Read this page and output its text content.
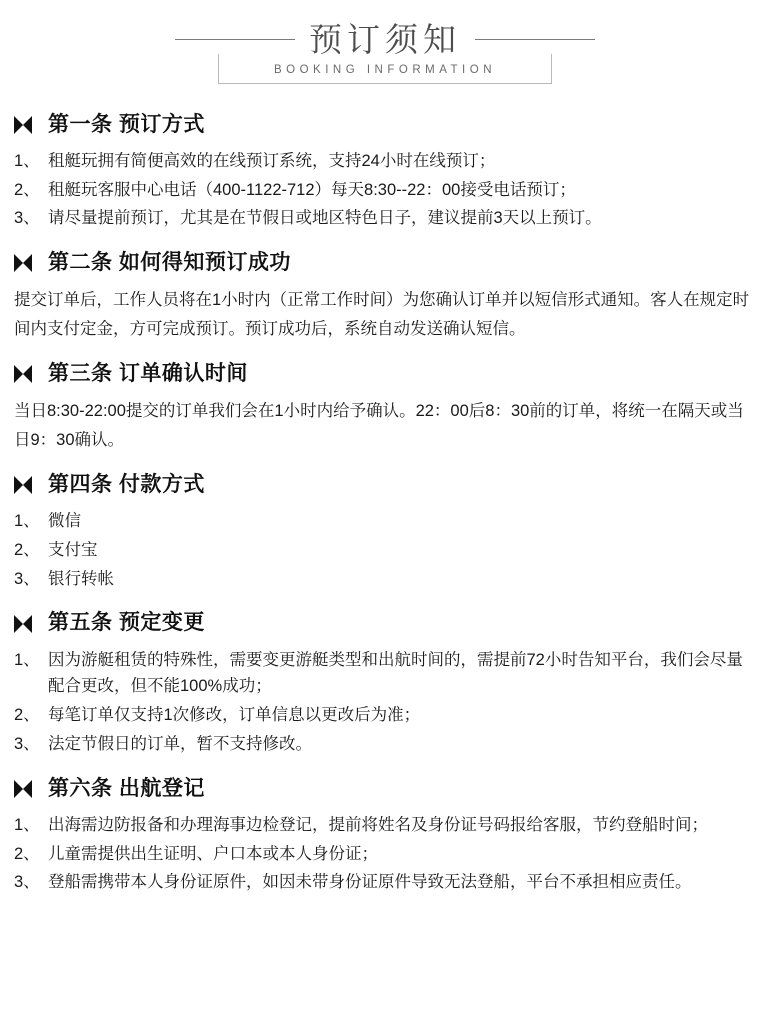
预订须知
BOOKING INFORMATION
第一条 预订方式
1、 租艇玩拥有简便高效的在线预订系统，支持24小时在线预订；
2、 租艇玩客服中心电话（400-1122-712）每天8:30--22：00接受电话预订；
3、 请尽量提前预订，尤其是在节假日或地区特色日子，建议提前3天以上预订。
第二条 如何得知预订成功
提交订单后，工作人员将在1小时内（正常工作时间）为您确认订单并以短信形式通知。客人在规定时间内支付定金，方可完成预订。预订成功后，系统自动发送确认短信。
第三条 订单确认时间
当日8:30-22:00提交的订单我们会在1小时内给予确认。22：00后8：30前的订单，将统一在隔天或当日9：30确认。
第四条 付款方式
1、 微信
2、 支付宝
3、 银行转帐
第五条 预定变更
1、 因为游艇租赁的特殊性，需要变更游艇类型和出航时间的，需提前72小时告知平台，我们会尽量配合更改，但不能100%成功；
2、 每笔订单仅支持1次修改，订单信息以更改后为准；
3、 法定节假日的订单，暂不支持修改。
第六条 出航登记
1、 出海需边防报备和办理海事边检登记，提前将姓名及身份证号码报给客服，节约登船时间；
2、 儿童需提供出生证明、户口本或本人身份证；
3、 登船需携带本人身份证原件，如因未带身份证原件导致无法登船，平台不承担相应责任。
